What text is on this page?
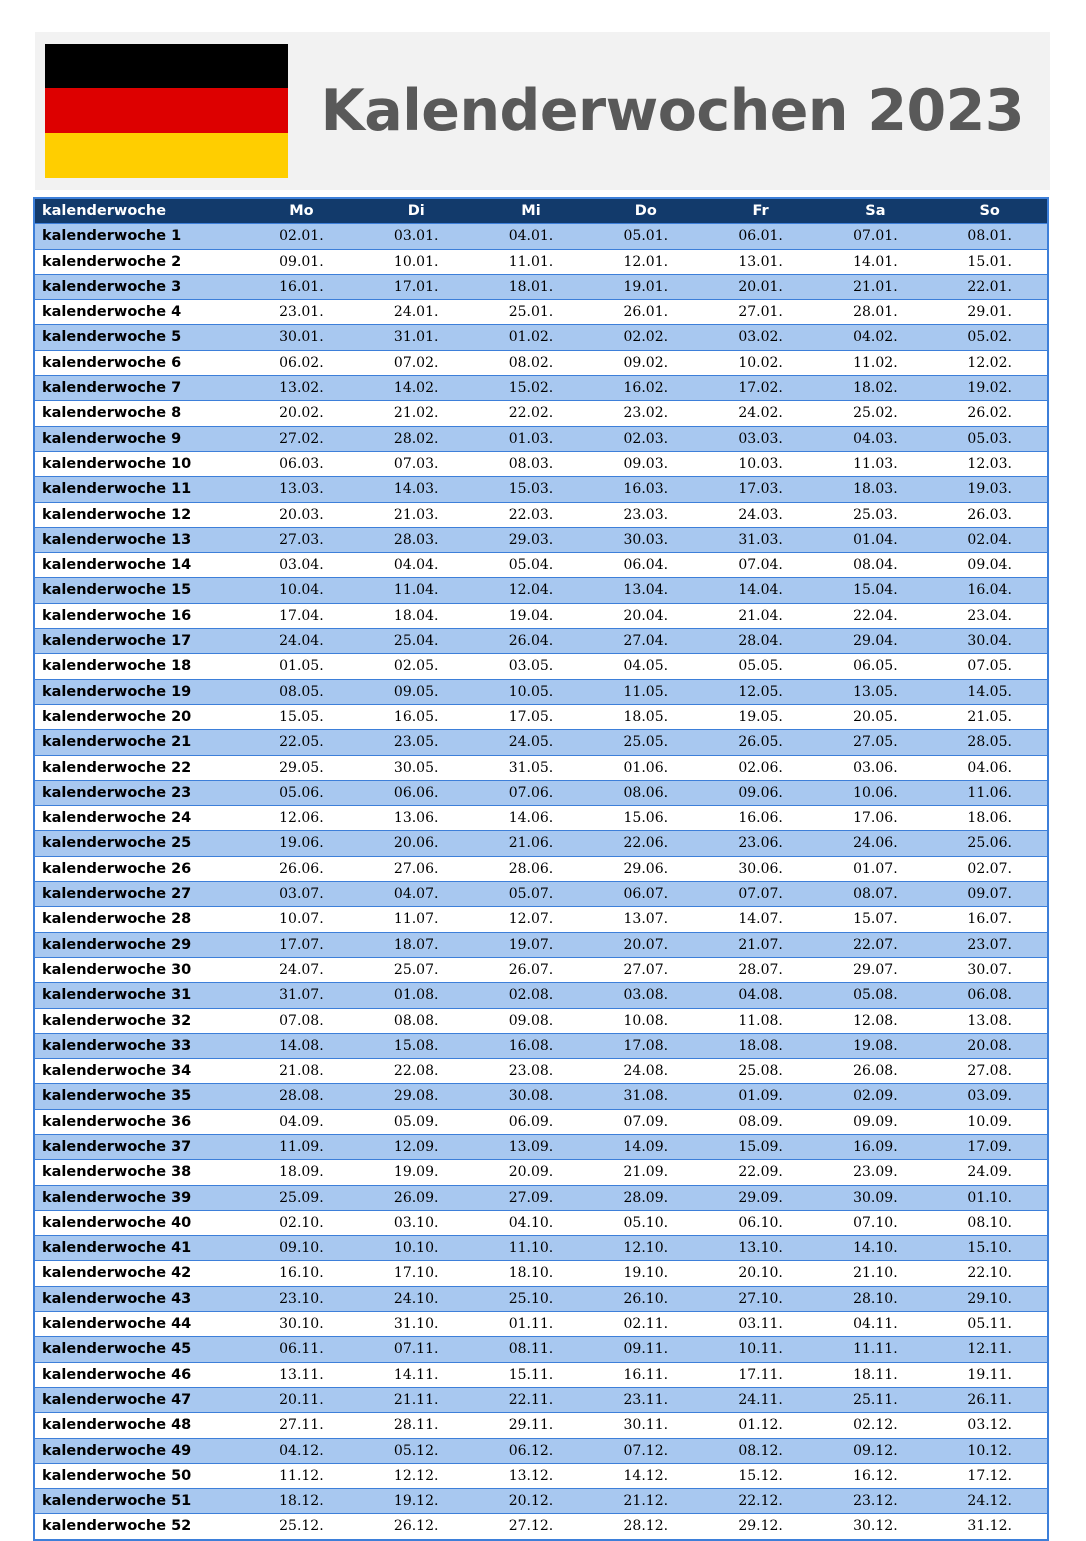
Kalenderwochen 2023
kalenderwoche	Mo	Di	Mi	Do	Fr	Sa	So
kalenderwoche 1	02.01.	03.01.	04.01.	05.01.	06.01.	07.01.	08.01.
kalenderwoche 2	09.01.	10.01.	11.01.	12.01.	13.01.	14.01.	15.01.
kalenderwoche 3	16.01.	17.01.	18.01.	19.01.	20.01.	21.01.	22.01.
kalenderwoche 4	23.01.	24.01.	25.01.	26.01.	27.01.	28.01.	29.01.
kalenderwoche 5	30.01.	31.01.	01.02.	02.02.	03.02.	04.02.	05.02.
kalenderwoche 6	06.02.	07.02.	08.02.	09.02.	10.02.	11.02.	12.02.
kalenderwoche 7	13.02.	14.02.	15.02.	16.02.	17.02.	18.02.	19.02.
kalenderwoche 8	20.02.	21.02.	22.02.	23.02.	24.02.	25.02.	26.02.
kalenderwoche 9	27.02.	28.02.	01.03.	02.03.	03.03.	04.03.	05.03.
kalenderwoche 10	06.03.	07.03.	08.03.	09.03.	10.03.	11.03.	12.03.
kalenderwoche 11	13.03.	14.03.	15.03.	16.03.	17.03.	18.03.	19.03.
kalenderwoche 12	20.03.	21.03.	22.03.	23.03.	24.03.	25.03.	26.03.
kalenderwoche 13	27.03.	28.03.	29.03.	30.03.	31.03.	01.04.	02.04.
kalenderwoche 14	03.04.	04.04.	05.04.	06.04.	07.04.	08.04.	09.04.
kalenderwoche 15	10.04.	11.04.	12.04.	13.04.	14.04.	15.04.	16.04.
kalenderwoche 16	17.04.	18.04.	19.04.	20.04.	21.04.	22.04.	23.04.
kalenderwoche 17	24.04.	25.04.	26.04.	27.04.	28.04.	29.04.	30.04.
kalenderwoche 18	01.05.	02.05.	03.05.	04.05.	05.05.	06.05.	07.05.
kalenderwoche 19	08.05.	09.05.	10.05.	11.05.	12.05.	13.05.	14.05.
kalenderwoche 20	15.05.	16.05.	17.05.	18.05.	19.05.	20.05.	21.05.
kalenderwoche 21	22.05.	23.05.	24.05.	25.05.	26.05.	27.05.	28.05.
kalenderwoche 22	29.05.	30.05.	31.05.	01.06.	02.06.	03.06.	04.06.
kalenderwoche 23	05.06.	06.06.	07.06.	08.06.	09.06.	10.06.	11.06.
kalenderwoche 24	12.06.	13.06.	14.06.	15.06.	16.06.	17.06.	18.06.
kalenderwoche 25	19.06.	20.06.	21.06.	22.06.	23.06.	24.06.	25.06.
kalenderwoche 26	26.06.	27.06.	28.06.	29.06.	30.06.	01.07.	02.07.
kalenderwoche 27	03.07.	04.07.	05.07.	06.07.	07.07.	08.07.	09.07.
kalenderwoche 28	10.07.	11.07.	12.07.	13.07.	14.07.	15.07.	16.07.
kalenderwoche 29	17.07.	18.07.	19.07.	20.07.	21.07.	22.07.	23.07.
kalenderwoche 30	24.07.	25.07.	26.07.	27.07.	28.07.	29.07.	30.07.
kalenderwoche 31	31.07.	01.08.	02.08.	03.08.	04.08.	05.08.	06.08.
kalenderwoche 32	07.08.	08.08.	09.08.	10.08.	11.08.	12.08.	13.08.
kalenderwoche 33	14.08.	15.08.	16.08.	17.08.	18.08.	19.08.	20.08.
kalenderwoche 34	21.08.	22.08.	23.08.	24.08.	25.08.	26.08.	27.08.
kalenderwoche 35	28.08.	29.08.	30.08.	31.08.	01.09.	02.09.	03.09.
kalenderwoche 36	04.09.	05.09.	06.09.	07.09.	08.09.	09.09.	10.09.
kalenderwoche 37	11.09.	12.09.	13.09.	14.09.	15.09.	16.09.	17.09.
kalenderwoche 38	18.09.	19.09.	20.09.	21.09.	22.09.	23.09.	24.09.
kalenderwoche 39	25.09.	26.09.	27.09.	28.09.	29.09.	30.09.	01.10.
kalenderwoche 40	02.10.	03.10.	04.10.	05.10.	06.10.	07.10.	08.10.
kalenderwoche 41	09.10.	10.10.	11.10.	12.10.	13.10.	14.10.	15.10.
kalenderwoche 42	16.10.	17.10.	18.10.	19.10.	20.10.	21.10.	22.10.
kalenderwoche 43	23.10.	24.10.	25.10.	26.10.	27.10.	28.10.	29.10.
kalenderwoche 44	30.10.	31.10.	01.11.	02.11.	03.11.	04.11.	05.11.
kalenderwoche 45	06.11.	07.11.	08.11.	09.11.	10.11.	11.11.	12.11.
kalenderwoche 46	13.11.	14.11.	15.11.	16.11.	17.11.	18.11.	19.11.
kalenderwoche 47	20.11.	21.11.	22.11.	23.11.	24.11.	25.11.	26.11.
kalenderwoche 48	27.11.	28.11.	29.11.	30.11.	01.12.	02.12.	03.12.
kalenderwoche 49	04.12.	05.12.	06.12.	07.12.	08.12.	09.12.	10.12.
kalenderwoche 50	11.12.	12.12.	13.12.	14.12.	15.12.	16.12.	17.12.
kalenderwoche 51	18.12.	19.12.	20.12.	21.12.	22.12.	23.12.	24.12.
kalenderwoche 52	25.12.	26.12.	27.12.	28.12.	29.12.	30.12.	31.12.
